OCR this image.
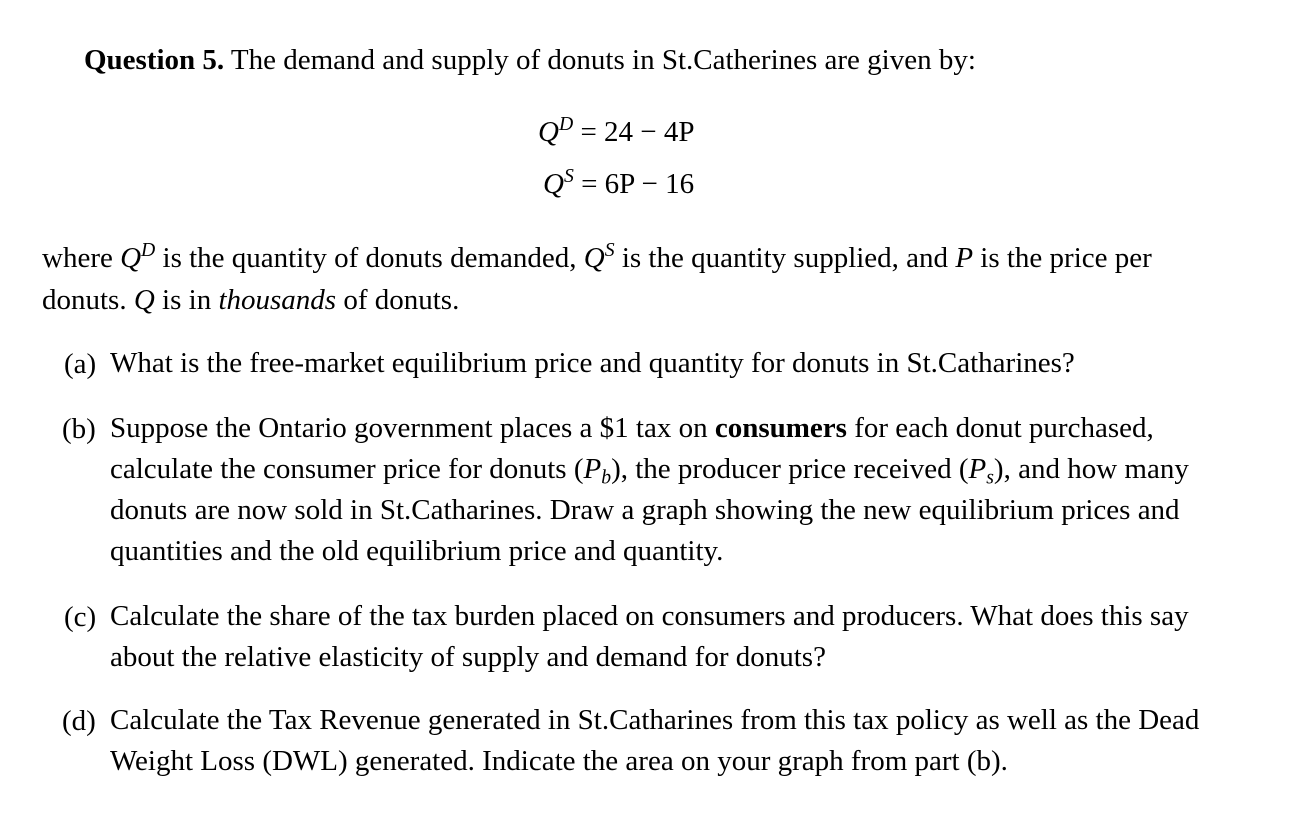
Question 5. The demand and supply of donuts in St.Catherines are given by:
$Q^D = 24 - 4P$
$Q^S = 6P - 16$
where $Q^D$ is the quantity of donuts demanded, $Q^S$ is the quantity supplied, and P is the price per
donuts. Q is in thousands of donuts.
(a) What is the free-market equilibrium price and quantity for donuts in St.Catharines?
(b) Suppose the Ontario government places a $1 tax on consumers for each donut purchased, calculate the consumer price for donuts $(P_b)$, the producer price received $(P_s)$, and how many donuts are now sold in St.Catharines. Draw a graph showing the new equilibrium prices and quantities and the old equilibrium price and quantity.
(c) Calculate the share of the tax burden placed on consumers and producers. What does this say about the relative elasticity of supply and demand for donuts?
(d) Calculate the Tax Revenue generated in St.Catharines from this tax policy as well as the Dead Weight Loss (DWL) generated. Indicate the area on your graph from part (b).
